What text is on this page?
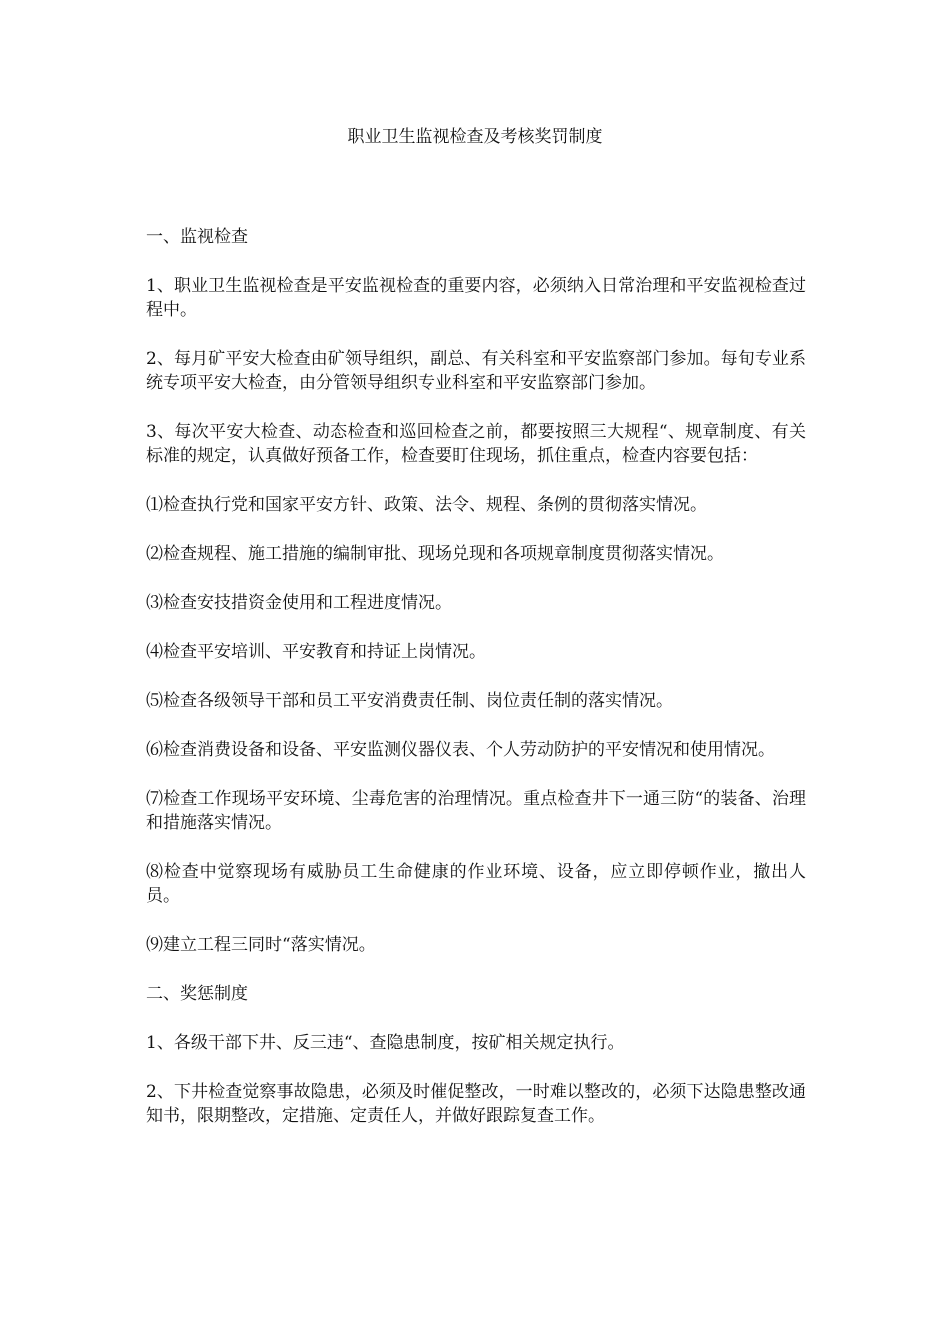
职业卫生监视检查及考核奖罚制度

一、监视检查

1、职业卫生监视检查是平安监视检查的重要内容，必须纳入日常治理和平安监视检查过程中。

2、每月矿平安大检查由矿领导组织，副总、有关科室和平安监察部门参加。每旬专业系统专项平安大检查，由分管领导组织专业科室和平安监察部门参加。

3、每次平安大检查、动态检查和巡回检查之前，都要按照三大规程“、规章制度、有关标准的规定，认真做好预备工作，检查要盯住现场，抓住重点，检查内容要包括：

⑴检查执行党和国家平安方针、政策、法令、规程、条例的贯彻落实情况。

⑵检查规程、施工措施的编制审批、现场兑现和各项规章制度贯彻落实情况。

⑶检查安技措资金使用和工程进度情况。

⑷检查平安培训、平安教育和持证上岗情况。

⑸检查各级领导干部和员工平安消费责任制、岗位责任制的落实情况。

⑹检查消费设备和设备、平安监测仪器仪表、个人劳动防护的平安情况和使用情况。

⑺检查工作现场平安环境、尘毒危害的治理情况。重点检查井下一通三防“的装备、治理和措施落实情况。

⑻检查中觉察现场有威胁员工生命健康的作业环境、设备，应立即停顿作业，撤出人员。

⑼建立工程三同时“落实情况。

二、奖惩制度

1、各级干部下井、反三违“、查隐患制度，按矿相关规定执行。

2、下井检查觉察事故隐患，必须及时催促整改，一时难以整改的，必须下达隐患整改通知书，限期整改，定措施、定责任人，并做好跟踪复查工作。
